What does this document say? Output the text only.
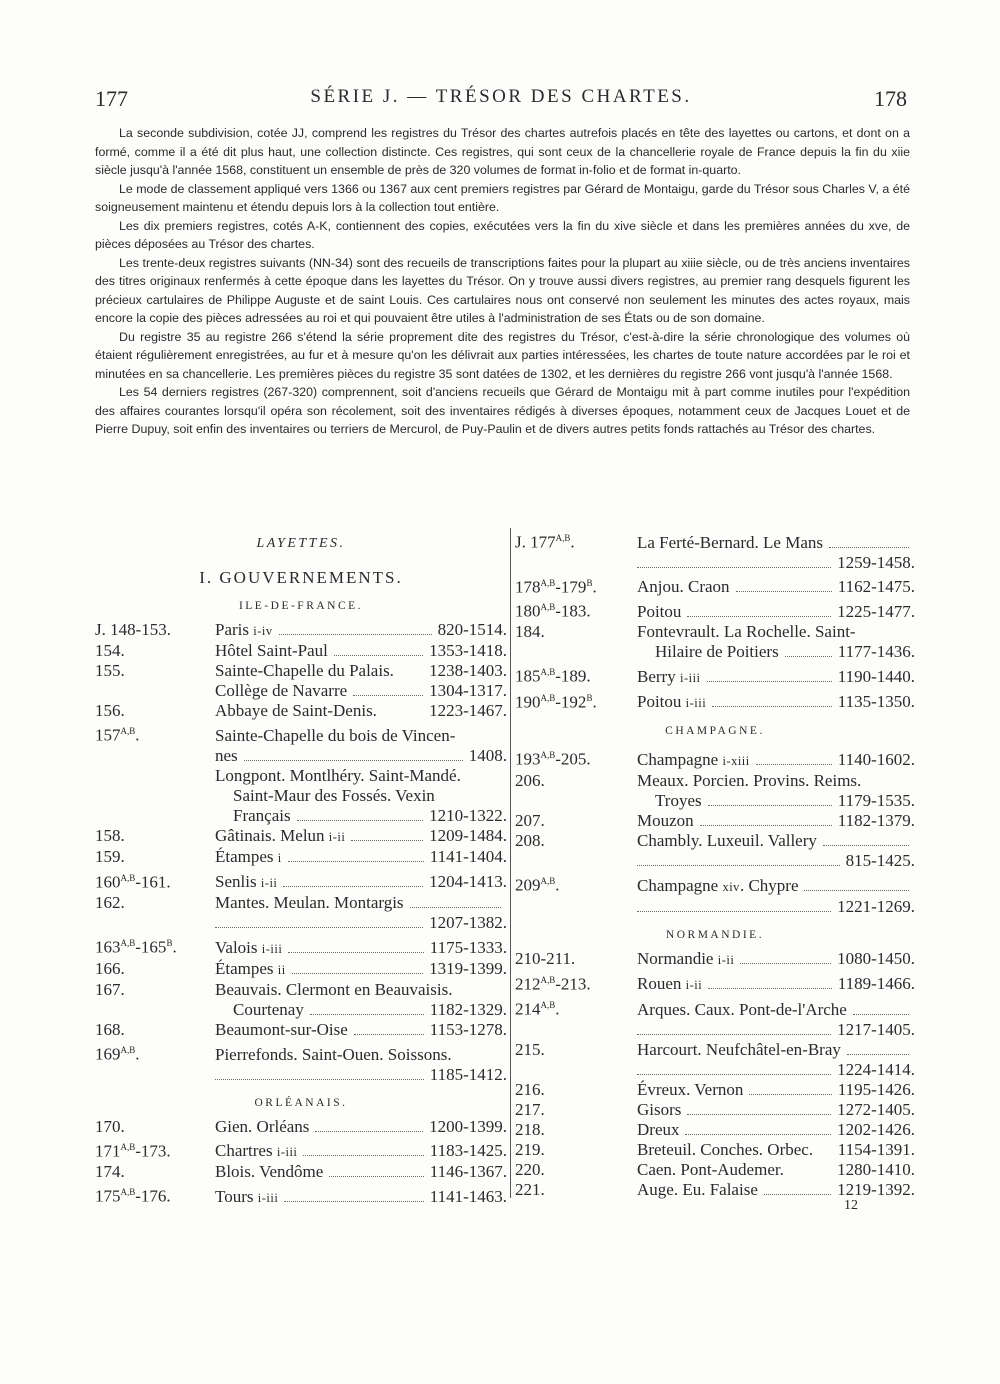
177	SÉRIE J. — TRÉSOR DES CHARTES.	178

La seconde subdivision, cotée JJ, comprend les registres du Trésor des chartes autrefois placés en tête des layettes ou cartons, et dont on a formé, comme il a été dit plus haut, une collection distincte. Ces registres, qui sont ceux de la chancellerie royale de France depuis la fin du xiie siècle jusqu'à l'année 1568, constituent un ensemble de près de 320 volumes de format in-folio et de format in-quarto.

Le mode de classement appliqué vers 1366 ou 1367 aux cent premiers registres par Gérard de Montaigu, garde du Trésor sous Charles V, a été soigneusement maintenu et étendu depuis lors à la collection tout entière.

Les dix premiers registres, cotés A-K, contiennent des copies, exécutées vers la fin du xive siècle et dans les premières années du xve, de pièces déposées au Trésor des chartes.

Les trente-deux registres suivants (NN-34) sont des recueils de transcriptions faites pour la plupart au xiiie siècle, ou de très anciens inventaires des titres originaux renfermés à cette époque dans les layettes du Trésor. On y trouve aussi divers registres, au premier rang desquels figurent les précieux cartulaires de Philippe Auguste et de saint Louis. Ces cartulaires nous ont conservé non seulement les minutes des actes royaux, mais encore la copie des pièces adressées au roi et qui pouvaient être utiles à l'administration de ses États ou de son domaine.

Du registre 35 au registre 266 s'étend la série proprement dite des registres du Trésor, c'est-à-dire la série chronologique des volumes où étaient régulièrement enregistrées, au fur et à mesure qu'on les délivrait aux parties intéressées, les chartes de toute nature accordées par le roi et minutées en sa chancellerie. Les premières pièces du registre 35 sont datées de 1302, et les dernières du registre 266 vont jusqu'à l'année 1568.

Les 54 derniers registres (267-320) comprennent, soit d'anciens recueils que Gérard de Montaigu mit à part comme inutiles pour l'expédition des affaires courantes lorsqu'il opéra son récolement, soit des inventaires rédigés à diverses époques, notamment ceux de Jacques Louet et de Pierre Dupuy, soit enfin des inventaires ou terriers de Mercurol, de Puy-Paulin et de divers autres petits fonds rattachés au Trésor des chartes.

LAYETTES.
I. GOUVERNEMENTS.
ILE-DE-FRANCE.
J. 148-153.	Paris i-iv	820-1514.
154.	Hôtel Saint-Paul	1353-1418.
155.	Sainte-Chapelle du Palais. 1238-1403.
Collège de Navarre	1304-1317.
156.	Abbaye de Saint-Denis.	1223-1467.
$157^{A,B}$.	Sainte-Chapelle du bois de Vincen-
nes	1408.
Longpont. Montlhéry. Saint-Mandé.
Saint-Maur des Fossés. Vexin
Français	1210-1322.
158.	Gâtinais. Melun i-ii	1209-1484.
159.	Étampes i	1141-1404.
$160^{A,B}-161$.	Senlis i-ii	1204-1413.
162.	Mantes. Meulan. Montargis
1207-1382.
$163^{A,B}-165^B$.	Valois i-iii	1175-1333.
166.	Étampes ii	1319-1399.
167.	Beauvais. Clermont en Beauvaisis.
Courtenay	1182-1329.
168.	Beaumont-sur-Oise	1153-1278.
$169^{A,B}$.	Pierrefonds. Saint-Ouen. Soissons.
1185-1412.
ORLÉANAIS.
170.	Gien. Orléans	1200-1399.
$171^{A,B}-173$.	Chartres i-iii	1183-1425.
174.	Blois. Vendôme	1146-1367.
$175^{A,B}-176$.	Tours i-iii	1141-1463.
J. $177^{A,B}$.	La Ferté-Bernard. Le Mans
1259-1458.
$178^{A,B}-179^B$.	Anjou. Craon	1162-1475.
$180^{A,B}-183$.	Poitou	1225-1477.
184.	Fontevrault. La Rochelle. Saint-
Hilaire de Poitiers	1177-1436.
$185^{A,B}-189$.	Berry i-iii	1190-1440.
$190^{A,B}-192^B$.	Poitou i-iii	1135-1350.
CHAMPAGNE.
$193^{A,B}-205$.	Champagne i-xiii	1140-1602.
206.	Meaux. Porcien. Provins. Reims.
Troyes	1179-1535.
207.	Mouzon	1182-1379.
208.	Chambly. Luxeuil. Vallery
815-1425.
$209^{A,B}$.	Champagne xiv. Chypre
1221-1269.
NORMANDIE.
210-211.	Normandie i-ii	1080-1450.
$212^{A,B}-213$.	Rouen i-ii	1189-1466.
$214^{A,B}$.	Arques. Caux. Pont-de-l'Arche
1217-1405.
215.	Harcourt. Neufchâtel-en-Bray
1224-1414.
216.	Évreux. Vernon	1195-1426.
217.	Gisors	1272-1405.
218.	Dreux	1202-1426.
219.	Breteuil. Conches. Orbec. 1154-1391.
220.	Caen. Pont-Audemer.	1280-1410.
221.	Auge. Eu. Falaise	1219-1392.
12
